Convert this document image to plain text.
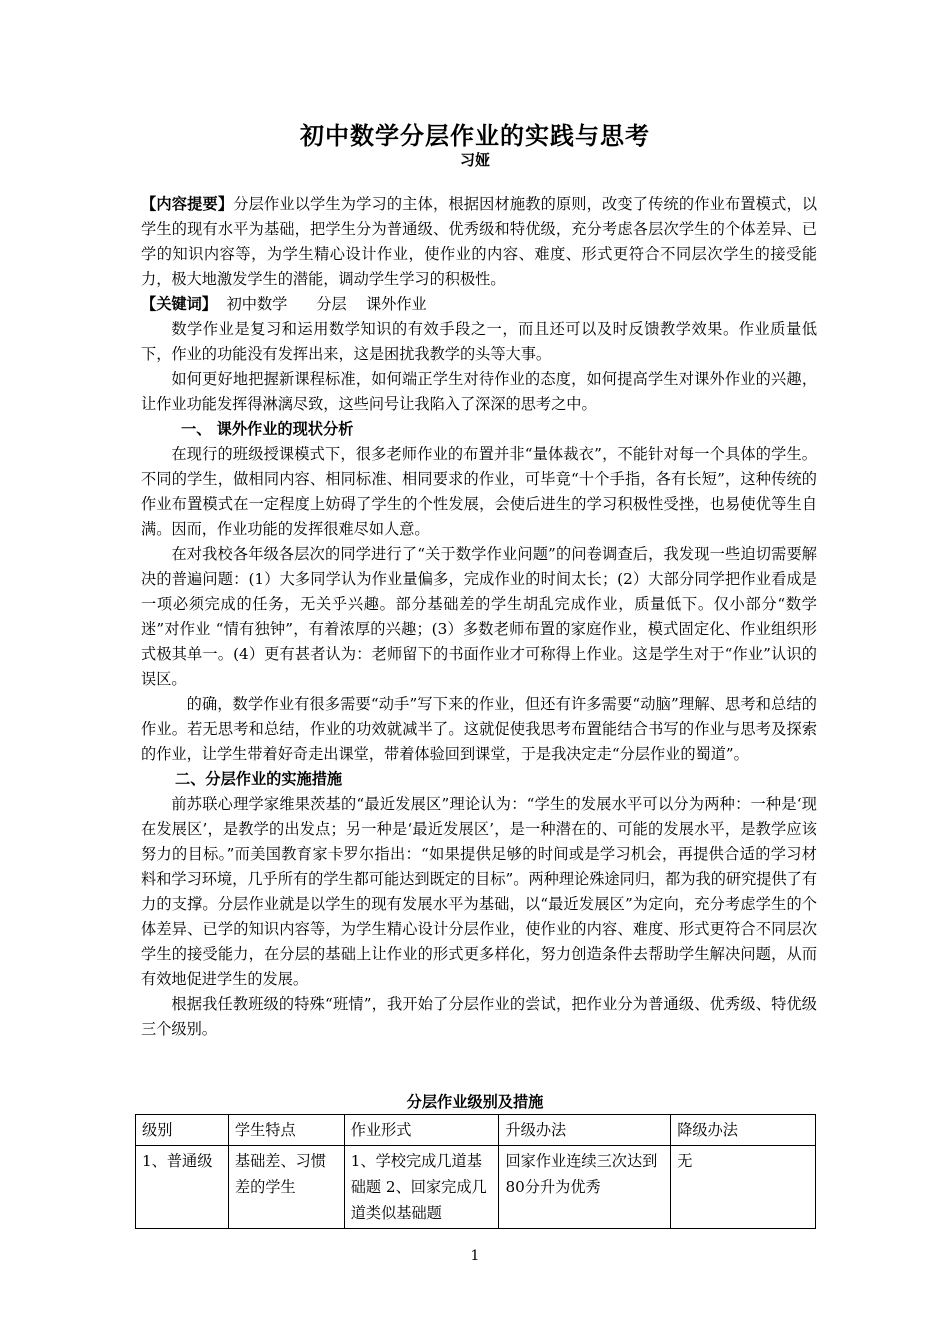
初中数学分层作业的实践与思考
习娅

【内容提要】分层作业以学生为学习的主体，根据因材施教的原则，改变了传统的作业布置模式，以学生的现有水平为基础，把学生分为普通级、优秀级和特优级，充分考虑各层次学生的个体差异、已学的知识内容等，为学生精心设计作业，使作业的内容、难度、形式更符合不同层次学生的接受能力，极大地激发学生的潜能，调动学生学习的积极性。

【关键词】  初中数学      分层    课外作业

数学作业是复习和运用数学知识的有效手段之一，而且还可以及时反馈教学效果。作业质量低下，作业的功能没有发挥出来，这是困扰我教学的头等大事。

如何更好地把握新课程标准，如何端正学生对待作业的态度，如何提高学生对课外作业的兴趣，让作业功能发挥得淋漓尽致，这些问号让我陷入了深深的思考之中。

一、 课外作业的现状分析

在现行的班级授课模式下，很多老师作业的布置并非“量体裁衣”，不能针对每一个具体的学生。不同的学生，做相同内容、相同标准、相同要求的作业，可毕竟“十个手指，各有长短”，这种传统的作业布置模式在一定程度上妨碍了学生的个性发展，会使后进生的学习积极性受挫，也易使优等生自满。因而，作业功能的发挥很难尽如人意。

在对我校各年级各层次的同学进行了“关于数学作业问题”的问卷调查后，我发现一些迫切需要解决的普遍问题：(1）大多同学认为作业量偏多，完成作业的时间太长；(2）大部分同学把作业看成是一项必须完成的任务，无关乎兴趣。部分基础差的学生胡乱完成作业，质量低下。仅小部分“数学迷”对作业 “情有独钟”，有着浓厚的兴趣；(3）多数老师布置的家庭作业，模式固定化、作业组织形式极其单一。(4）更有甚者认为：老师留下的书面作业才可称得上作业。这是学生对于“作业”认识的误区。

的确，数学作业有很多需要“动手”写下来的作业，但还有许多需要“动脑”理解、思考和总结的作业。若无思考和总结，作业的功效就减半了。这就促使我思考布置能结合书写的作业与思考及探索的作业，让学生带着好奇走出课堂，带着体验回到课堂，于是我决定走“分层作业的蜀道”。

二、分层作业的实施措施

前苏联心理学家维果茨基的“最近发展区”理论认为：“学生的发展水平可以分为两种：一种是‘现在发展区’，是教学的出发点；另一种是‘最近发展区’，是一种潜在的、可能的发展水平，是教学应该努力的目标。”而美国教育家卡罗尔指出：“如果提供足够的时间或是学习机会，再提供合适的学习材料和学习环境，几乎所有的学生都可能达到既定的目标”。两种理论殊途同归，都为我的研究提供了有力的支撑。分层作业就是以学生的现有发展水平为基础，以“最近发展区”为定向，充分考虑学生的个体差异、已学的知识内容等，为学生精心设计分层作业，使作业的内容、难度、形式更符合不同层次学生的接受能力，在分层的基础上让作业的形式更多样化，努力创造条件去帮助学生解决问题，从而有效地促进学生的发展。

根据我任教班级的特殊“班情”，我开始了分层作业的尝试，把作业分为普通级、优秀级、特优级三个级别。

分层作业级别及措施
级别	学生特点	作业形式	升级办法	降级办法
1、普通级	基础差、习惯差的学生	1、学校完成几道基础题 2、回家完成几道类似基础题	回家作业连续三次达到80分升为优秀	无
1
